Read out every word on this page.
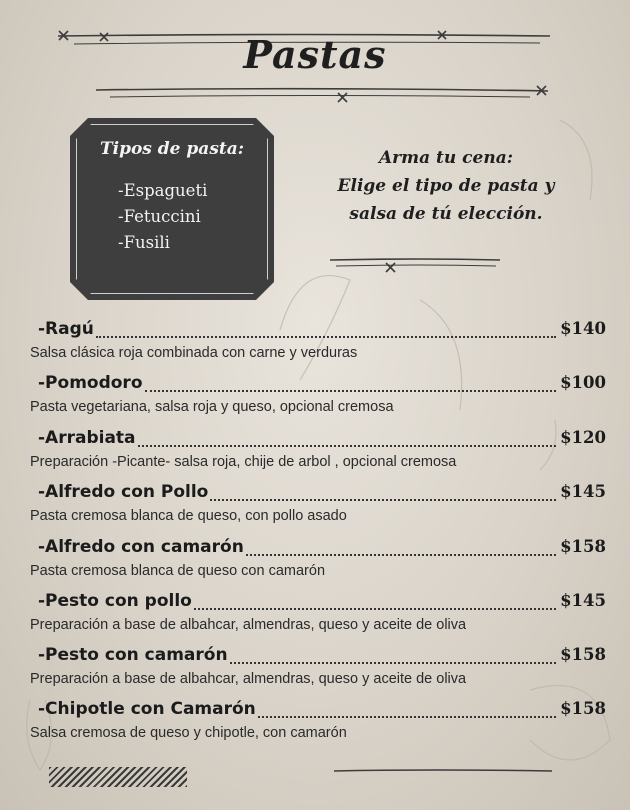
Pastas
Tipos de pasta:
-Espagueti
-Fetuccini
-Fusili
Arma tu cena:
Elige el tipo de pasta y
salsa de tú elección.
-Ragú	$140
Salsa clásica roja combinada con carne y verduras
-Pomodoro	$100
Pasta vegetariana, salsa roja y queso, opcional cremosa
-Arrabiata	$120
Preparación -Picante- salsa roja, chije de arbol , opcional cremosa
-Alfredo con Pollo	$145
Pasta cremosa blanca de queso, con pollo asado
-Alfredo con camarón	$158
Pasta cremosa blanca de queso con camarón
-Pesto con pollo	$145
Preparación a base de albahcar, almendras, queso y aceite de oliva
-Pesto con camarón	$158
Preparación a base de albahcar, almendras, queso y aceite de oliva
-Chipotle con Camarón	$158
Salsa cremosa de queso y chipotle, con camarón
